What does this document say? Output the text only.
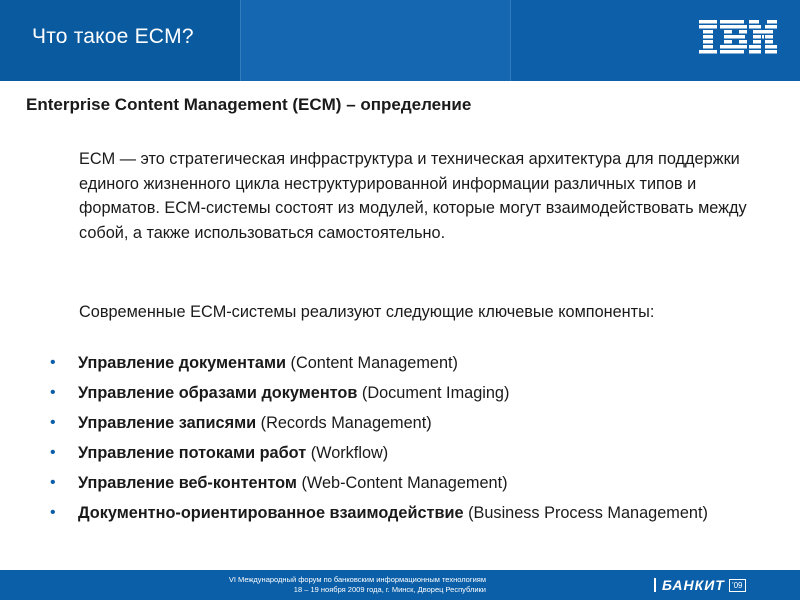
Что такое ECM?
Enterprise Content Management (ECM) – определение
ECM — это стратегическая инфраструктура и техническая архитектура для поддержки единого жизненного цикла неструктурированной информации различных типов и форматов. ECM-системы состоят из модулей, которые могут взаимодействовать между собой, а также использоваться самостоятельно.
Современные ECM-системы реализуют следующие ключевые компоненты:
• Управление документами (Content Management)
• Управление образами документов (Document Imaging)
• Управление записями (Records Management)
• Управление потоками работ (Workflow)
• Управление веб-контентом (Web-Content Management)
• Документно-ориентированное взаимодействие (Business Process Management)
VI Международный форум по банковским информационным технологиям
18 – 19 ноября 2009 года, г. Минск, Дворец Республики	БАНКИТ ’09
